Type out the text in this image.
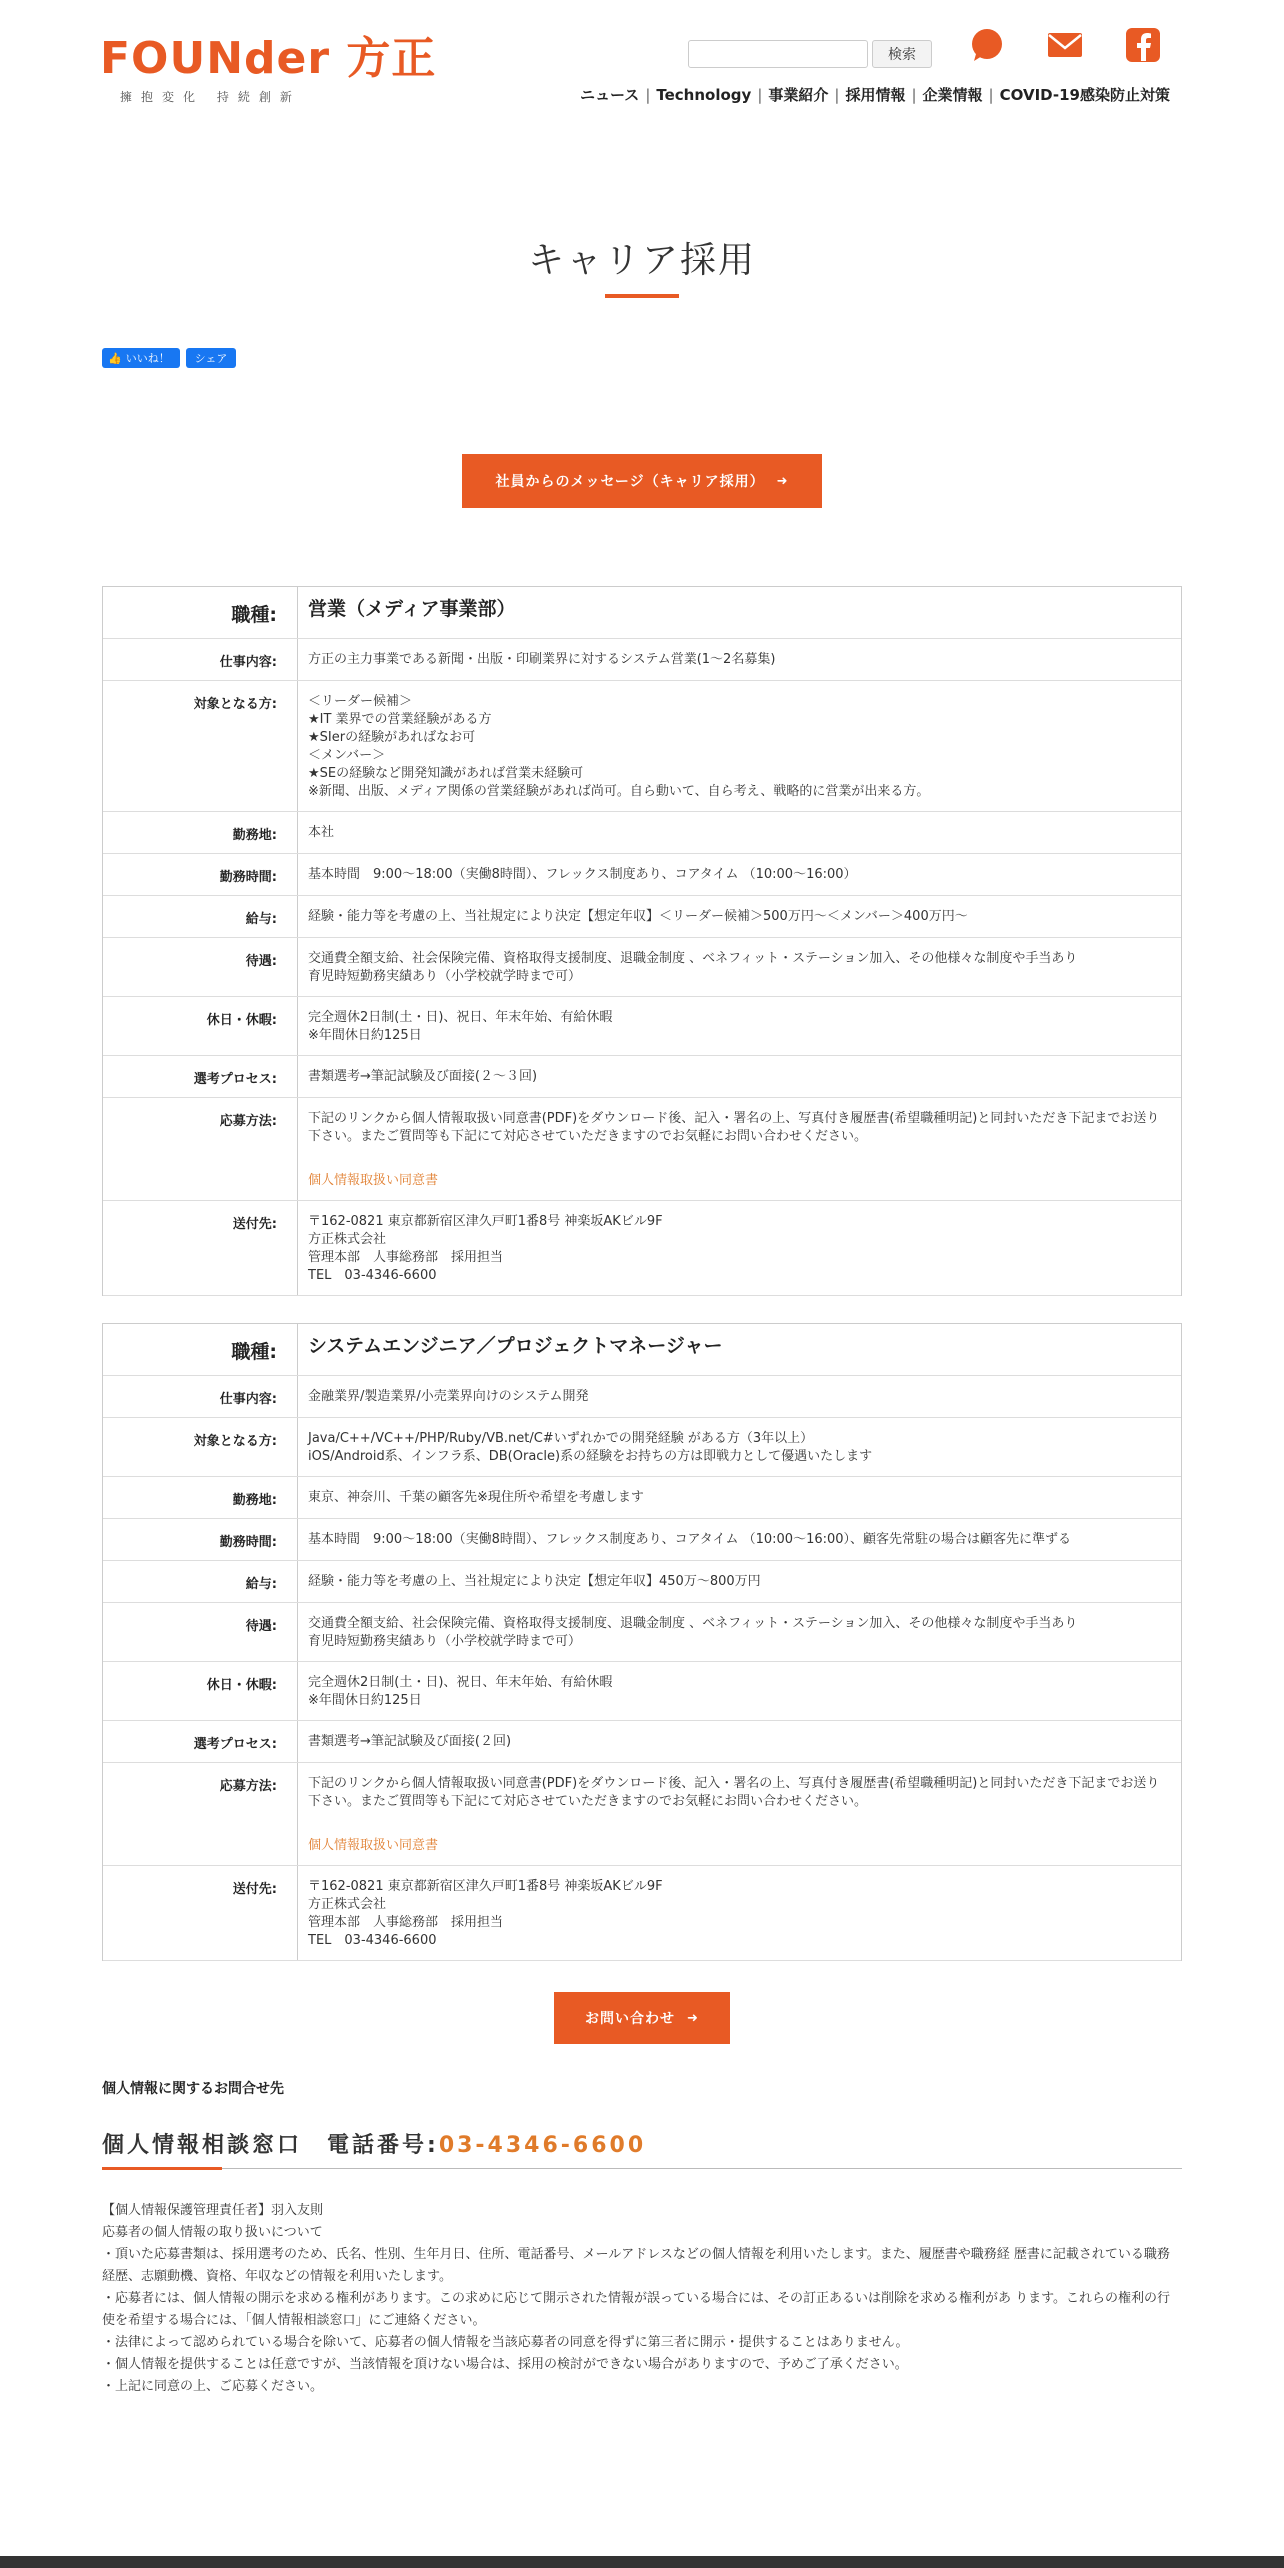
FOUNder 方正
擁抱変化 持続創新
検索
ニュース | Technology | 事業紹介 | 採用情報 | 企業情報 | COVID-19感染防止対策
キャリア採用
👍 いいね！ シェア
社員からのメッセージ（キャリア採用） ➜
職種:	営業（メディア事業部）
仕事内容:	方正の主力事業である新聞・出版・印刷業界に対するシステム営業(1～2名募集)
対象となる方:	＜リーダー候補＞
★IT 業界での営業経験がある方
★SIerの経験があればなお可
＜メンバー＞
★SEの経験など開発知識があれば営業未経験可
※新聞、出版、メディア関係の営業経験があれば尚可。自ら動いて、自ら考え、戦略的に営業が出来る方。
勤務地:	本社
勤務時間:	基本時間　9:00～18:00（実働8時間）、フレックス制度あり、コアタイム （10:00～16:00）
給与:	経験・能力等を考慮の上、当社規定により決定【想定年収】＜リーダー候補＞500万円～＜メンバー＞400万円～
待遇:	交通費全額支給、社会保険完備、資格取得支援制度、退職金制度 、ベネフィット・ステーション加入、その他様々な制度や手当あり
育児時短勤務実績あり（小学校就学時まで可）
休日・休暇:	完全週休2日制(土・日)、祝日、年末年始、有給休暇
※年間休日約125日
選考プロセス:	書類選考→筆記試験及び面接(２～３回)
応募方法:	下記のリンクから個人情報取扱い同意書(PDF)をダウンロード後、記入・署名の上、写真付き履歴書(希望職種明記)と同封いただき下記までお送り下さい。またご質問等も下記にて対応させていただきますのでお気軽にお問い合わせください。
個人情報取扱い同意書
送付先:	〒162-0821 東京都新宿区津久戸町1番8号 神楽坂AKビル9F
方正株式会社
管理本部　人事総務部　採用担当
TEL　03-4346-6600
職種:	システムエンジニア／プロジェクトマネージャー
仕事内容:	金融業界/製造業界/小売業界向けのシステム開発
対象となる方:	Java/C++/VC++/PHP/Ruby/VB.net/C#いずれかでの開発経験 がある方（3年以上）
iOS/Android系、インフラ系、DB(Oracle)系の経験をお持ちの方は即戦力として優遇いたします
勤務地:	東京、神奈川、千葉の顧客先※現住所や希望を考慮します
勤務時間:	基本時間　9:00～18:00（実働8時間）、フレックス制度あり、コアタイム （10:00～16:00）、顧客先常駐の場合は顧客先に準ずる
給与:	経験・能力等を考慮の上、当社規定により決定【想定年収】450万～800万円
待遇:	交通費全額支給、社会保険完備、資格取得支援制度、退職金制度 、ベネフィット・ステーション加入、その他様々な制度や手当あり
育児時短勤務実績あり（小学校就学時まで可）
休日・休暇:	完全週休2日制(土・日)、祝日、年末年始、有給休暇
※年間休日約125日
選考プロセス:	書類選考→筆記試験及び面接(２回)
応募方法:	下記のリンクから個人情報取扱い同意書(PDF)をダウンロード後、記入・署名の上、写真付き履歴書(希望職種明記)と同封いただき下記までお送り下さい。またご質問等も下記にて対応させていただきますのでお気軽にお問い合わせください。
個人情報取扱い同意書
送付先:	〒162-0821 東京都新宿区津久戸町1番8号 神楽坂AKビル9F
方正株式会社
管理本部　人事総務部　採用担当
TEL　03-4346-6600
お問い合わせ ➜
個人情報に関するお問合せ先
個人情報相談窓口　電話番号:03-4346-6600

【個人情報保護管理責任者】羽入友則

応募者の個人情報の取り扱いについて

・頂いた応募書類は、採用選考のため、氏名、性別、生年月日、住所、電話番号、メールアドレスなどの個人情報を利用いたします。また、履歴書や職務経 歴書に記載されている職務経歴、志願動機、資格、年収などの情報を利用いたします。

・応募者には、個人情報の開示を求める権利があります。この求めに応じて開示された情報が誤っている場合には、その訂正あるいは削除を求める権利があ ります。これらの権利の行使を希望する場合には、「個人情報相談窓口」にご連絡ください。

・法律によって認められている場合を除いて、応募者の個人情報を当該応募者の同意を得ずに第三者に開示・提供することはありません。

・個人情報を提供することは任意ですが、当該情報を頂けない場合は、採用の検討ができない場合がありますので、予めご了承ください。

・上記に同意の上、ご応募ください。
